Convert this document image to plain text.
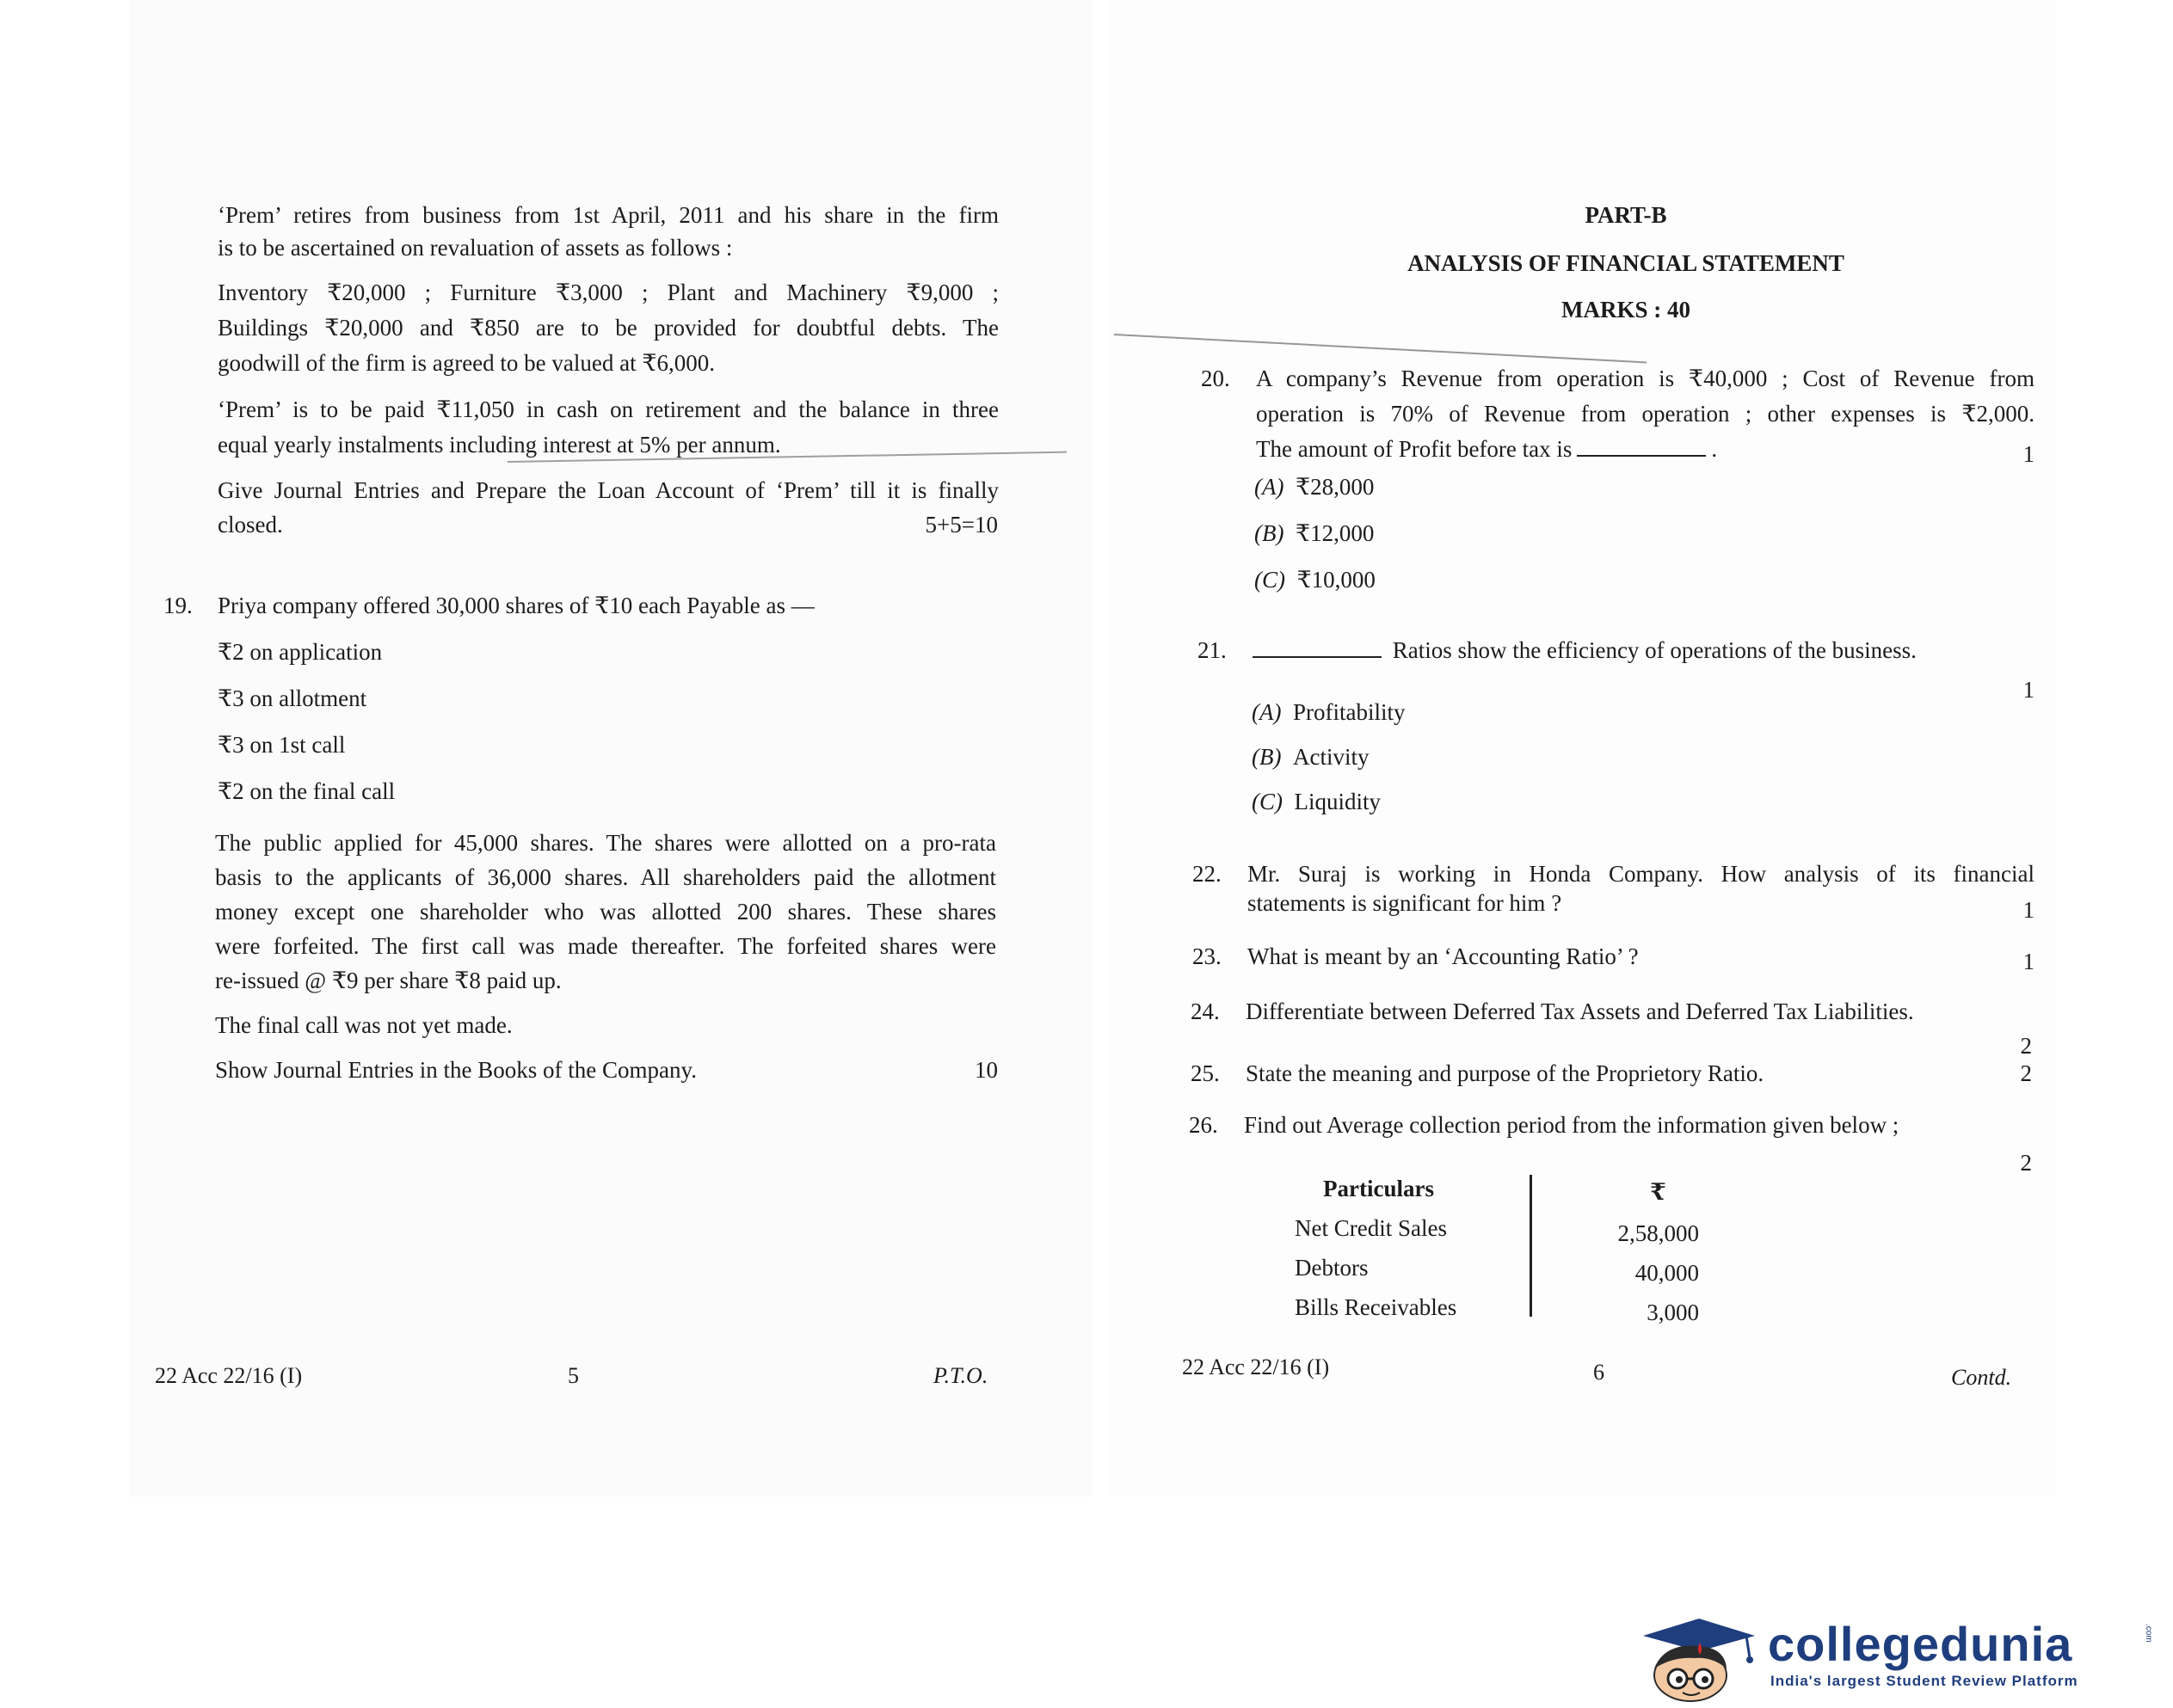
‘Prem’ retires from business from 1st April, 2011 and his share in the firm

is to be ascertained on revaluation of assets as follows :

Inventory ₹20,000 ; Furniture ₹3,000 ; Plant and Machinery ₹9,000 ;

Buildings ₹20,000 and ₹850 are to be provided for doubtful debts. The

goodwill of the firm is agreed to be valued at ₹6,000.

‘Prem’ is to be paid ₹11,050 in cash on retirement and the balance in three

equal yearly instalments including interest at 5% per annum.

Give Journal Entries and Prepare the Loan Account of ‘Prem’ till it is finally

closed.	5+5=10

19. Priya company offered 30,000 shares of ₹10 each Payable as —

₹2 on application

₹3 on allotment

₹3 on 1st call

₹2 on the final call

The public applied for 45,000 shares. The shares were allotted on a pro-rata

basis to the applicants of 36,000 shares. All shareholders paid the allotment

money except one shareholder who was allotted 200 shares. These shares

were forfeited. The first call was made thereafter. The forfeited shares were

re-issued @ ₹9 per share ₹8 paid up.

The final call was not yet made.

Show Journal Entries in the Books of the Company.	10

22 Acc 22/16 (I)	5	P.T.O.

PART-B

ANALYSIS OF FINANCIAL STATEMENT

MARKS : 40

20. A company’s Revenue from operation is ₹40,000 ; Cost of Revenue from

operation is 70% of Revenue from operation ; other expenses is ₹2,000.

The amount of Profit before tax is	.	1

(A) ₹28,000

(B) ₹12,000

(C) ₹10,000

21.	Ratios show the efficiency of operations of the business.

1

(A) Profitability

(B) Activity

(C) Liquidity

22. Mr. Suraj is working in Honda Company. How analysis of its financial

statements is significant for him ?	1

23. What is meant by an ‘Accounting Ratio’ ?	1

24. Differentiate between Deferred Tax Assets and Deferred Tax Liabilities.

2

25. State the meaning and purpose of the Proprietory Ratio.	2

26. Find out Average collection period from the information given below ;

2

Particulars	₹

Net Credit Sales	2,58,000

Debtors	40,000

Bills Receivables	3,000

22 Acc 22/16 (I)	6	Contd.
collegedunia	.com
India's largest Student Review Platform
